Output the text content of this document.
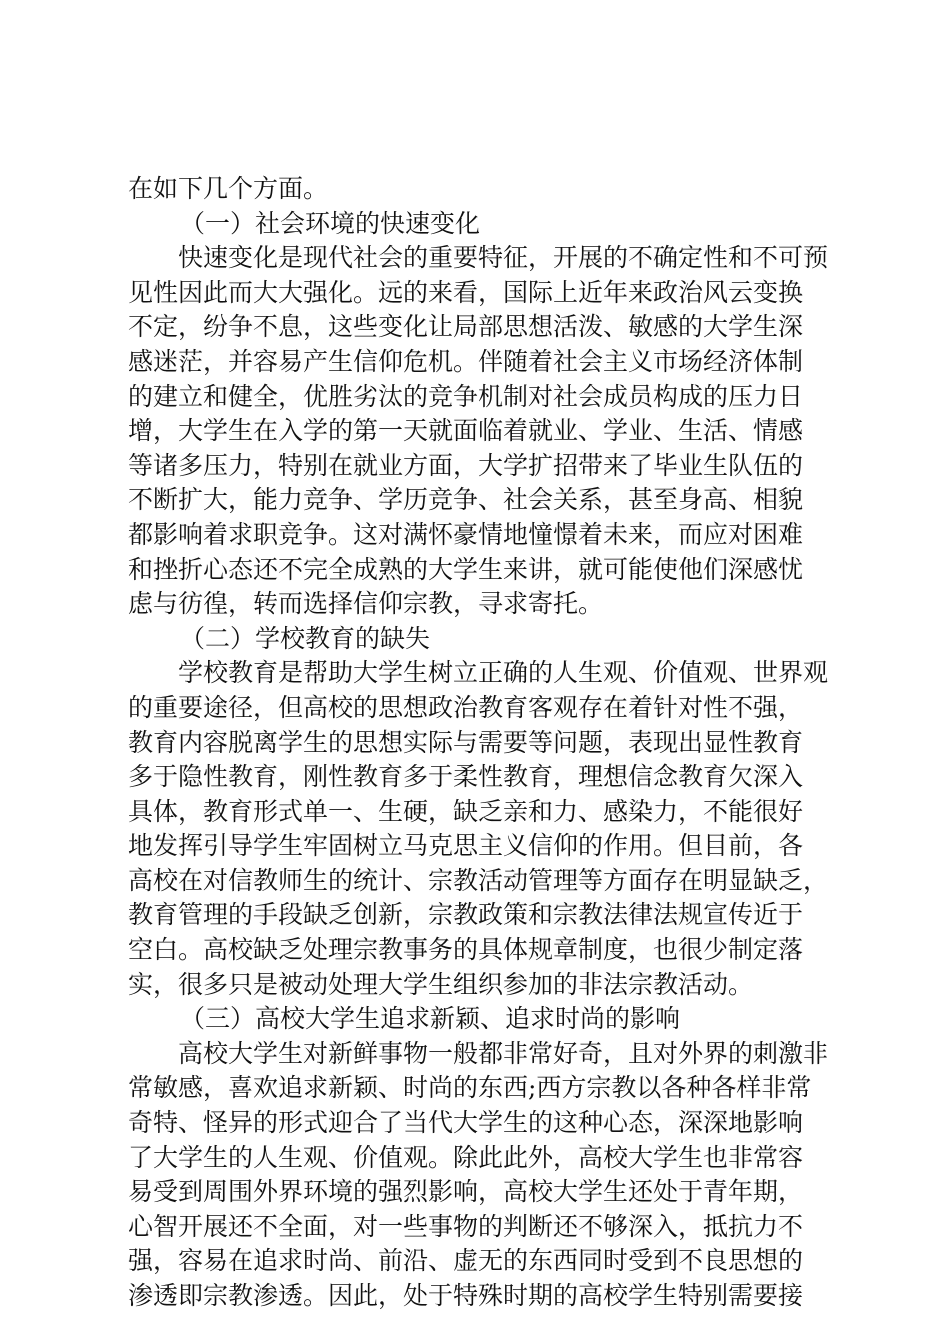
在如下几个方面。
（一）社会环境的快速变化
快速变化是现代社会的重要特征，开展的不确定性和不可预
见性因此而大大强化。远的来看，国际上近年来政治风云变换
不定，纷争不息，这些变化让局部思想活泼、敏感的大学生深
感迷茫，并容易产生信仰危机。伴随着社会主义市场经济体制
的建立和健全，优胜劣汰的竞争机制对社会成员构成的压力日
增，大学生在入学的第一天就面临着就业、学业、生活、情感
等诸多压力，特别在就业方面，大学扩招带来了毕业生队伍的
不断扩大，能力竞争、学历竞争、社会关系，甚至身高、相貌
都影响着求职竞争。这对满怀豪情地憧憬着未来，而应对困难
和挫折心态还不完全成熟的大学生来讲，就可能使他们深感忧
虑与彷徨，转而选择信仰宗教，寻求寄托。
（二）学校教育的缺失
学校教育是帮助大学生树立正确的人生观、价值观、世界观
的重要途径，但高校的思想政治教育客观存在着针对性不强，
教育内容脱离学生的思想实际与需要等问题，表现出显性教育
多于隐性教育，刚性教育多于柔性教育，理想信念教育欠深入
具体，教育形式单一、生硬，缺乏亲和力、感染力，不能很好
地发挥引导学生牢固树立马克思主义信仰的作用。但目前，各
高校在对信教师生的统计、宗教活动管理等方面存在明显缺乏，
教育管理的手段缺乏创新，宗教政策和宗教法律法规宣传近于
空白。高校缺乏处理宗教事务的具体规章制度，也很少制定落
实，很多只是被动处理大学生组织参加的非法宗教活动。
（三）高校大学生追求新颖、追求时尚的影响
高校大学生对新鲜事物一般都非常好奇，且对外界的刺激非
常敏感，喜欢追求新颖、时尚的东西;西方宗教以各种各样非常
奇特、怪异的形式迎合了当代大学生的这种心态，深深地影响
了大学生的人生观、价值观。除此此外，高校大学生也非常容
易受到周围外界环境的强烈影响，高校大学生还处于青年期，
心智开展还不全面，对一些事物的判断还不够深入，抵抗力不
强，容易在追求时尚、前沿、虚无的东西同时受到不良思想的
渗透即宗教渗透。因此，处于特殊时期的高校学生特别需要接
